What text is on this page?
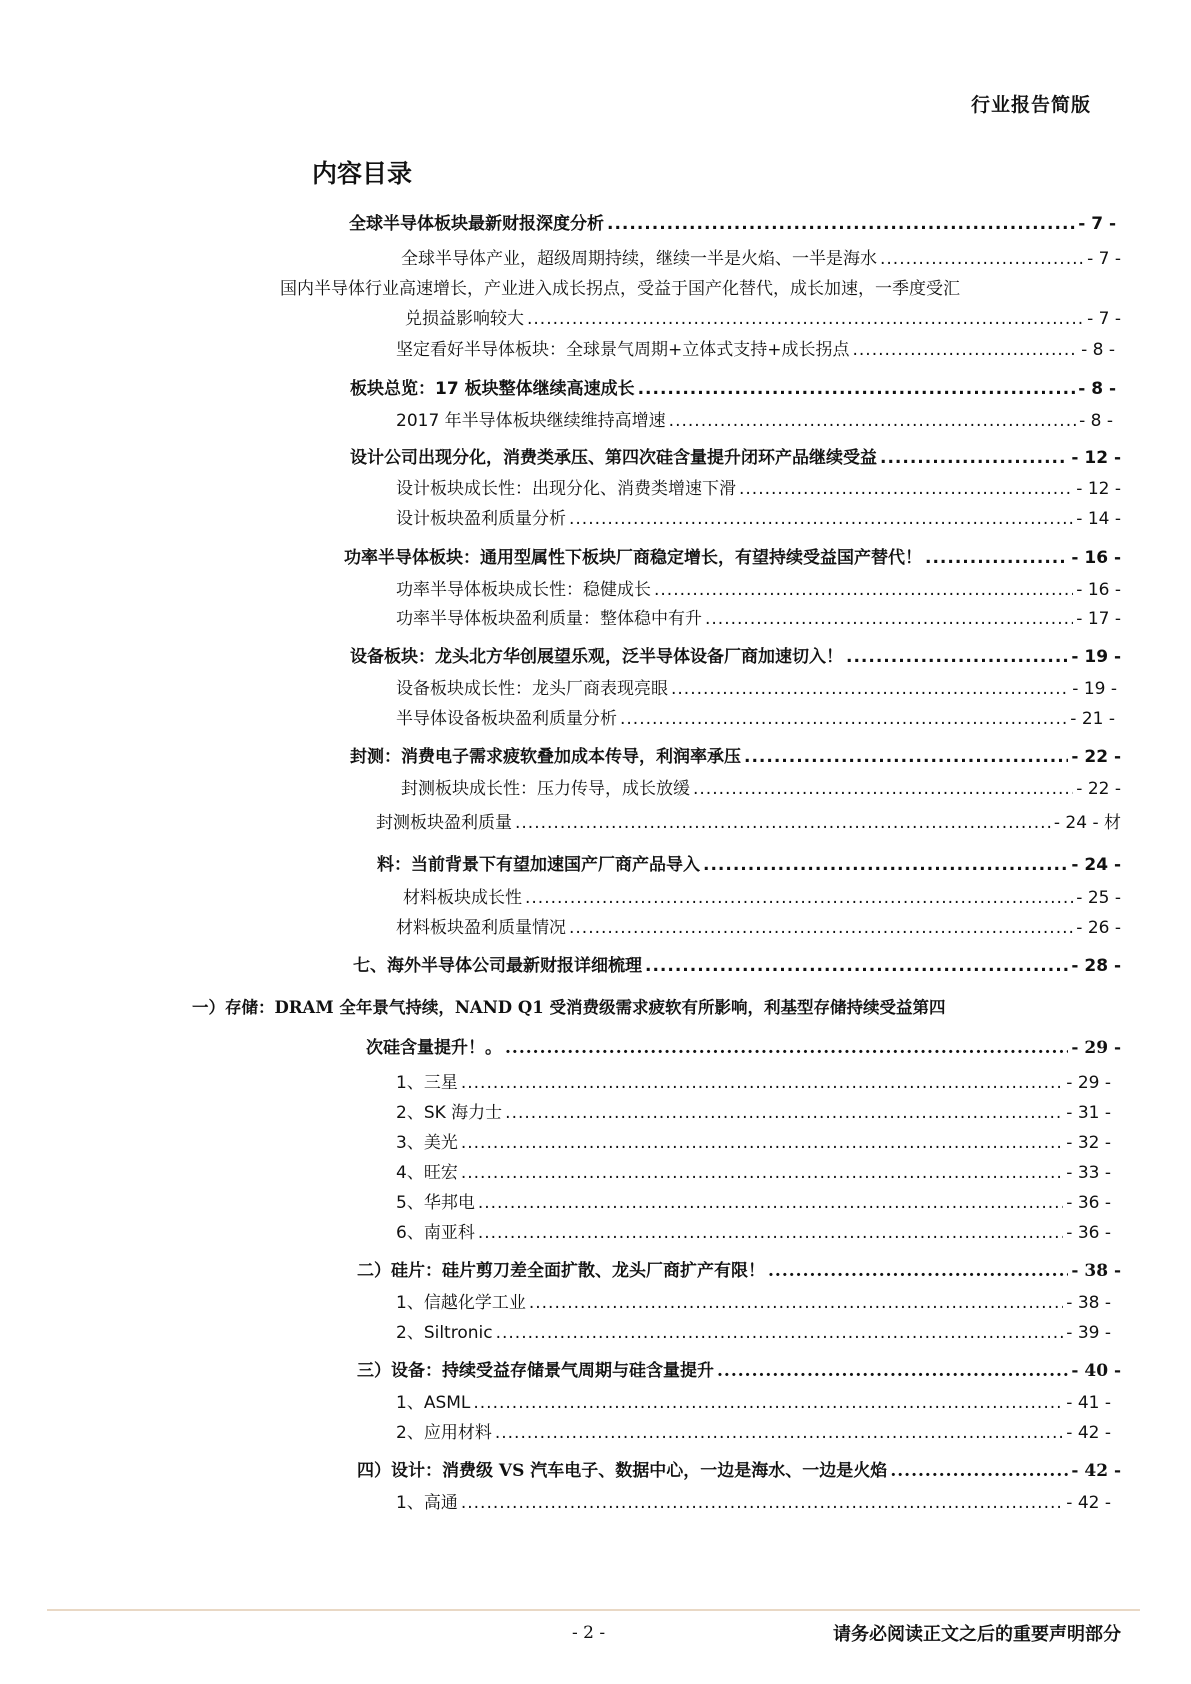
行业报告简版
内容目录
全球半导体板块最新财报深度分析 .....	- 7 -
全球半导体产业，超级周期持续，继续一半是火焰、一半是海水 .....	- 7 -
国内半导体行业高速增长，产业进入成长拐点，受益于国产化替代，成长加速，一季度受汇
兑损益影响较大 .....	- 7 -
坚定看好半导体板块：全球景气周期+立体式支持+成长拐点 .....	- 8 -
板块总览：17 板块整体继续高速成长 .....	- 8 -
2017 年半导体板块继续维持高增速 .....	- 8 -
设计公司出现分化，消费类承压、第四次硅含量提升闭环产品继续受益 .....	- 12 -
设计板块成长性：出现分化、消费类增速下滑 .....	- 12 -
设计板块盈利质量分析 .....	- 14 -
功率半导体板块：通用型属性下板块厂商稳定增长，有望持续受益国产替代！ .....	- 16 -
功率半导体板块成长性：稳健成长 .....	- 16 -
功率半导体板块盈利质量：整体稳中有升 .....	- 17 -
设备板块：龙头北方华创展望乐观，泛半导体设备厂商加速切入！ .....	- 19 -
设备板块成长性：龙头厂商表现亮眼 .....	- 19 -
半导体设备板块盈利质量分析 .....	- 21 -
封测：消费电子需求疲软叠加成本传导，利润率承压 .....	- 22 -
封测板块成长性：压力传导，成长放缓 .....	- 22 -
封测板块盈利质量 .....	- 24 - 材
料：当前背景下有望加速国产厂商产品导入 .....	- 24 -
材料板块成长性 .....	- 25 -
材料板块盈利质量情况 .....	- 26 -
七、海外半导体公司最新财报详细梳理 .....	- 28 -
一）存储：DRAM 全年景气持续，NAND Q1 受消费级需求疲软有所影响，利基型存储持续受益第四
次硅含量提升！。 .....	- 29 -
1、三星 .....	- 29 -
2、SK 海力士 .....	- 31 -
3、美光 .....	- 32 -
4、旺宏 .....	- 33 -
5、华邦电 .....	- 36 -
6、南亚科 .....	- 36 -
二）硅片：硅片剪刀差全面扩散、龙头厂商扩产有限！ .....	- 38 -
1、信越化学工业 .....	- 38 -
2、Siltronic .....	- 39 -
三）设备：持续受益存储景气周期与硅含量提升 .....	- 40 -
1、ASML .....	- 41 -
2、应用材料 .....	- 42 -
四）设计：消费级 VS 汽车电子、数据中心，一边是海水、一边是火焰 .....	- 42 -
1、高通 .....	- 42 -
- 2 -	请务必阅读正文之后的重要声明部分
